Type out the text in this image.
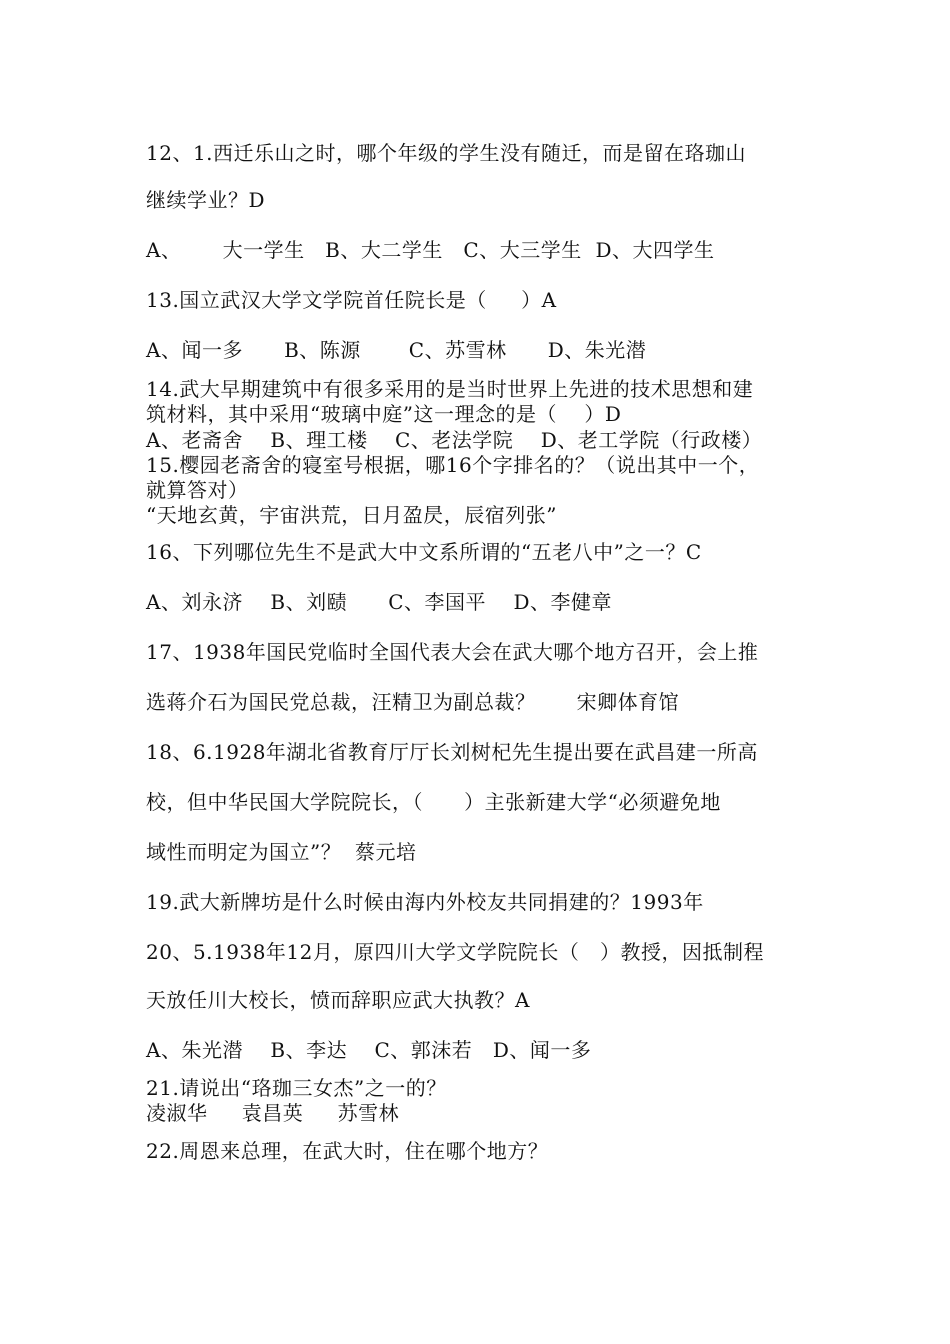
12、1.西迁乐山之时，哪个年级的学生没有随迁，而是留在珞珈山
继续学业？D
A、      大一学生   B、大二学生   C、大三学生  D、大四学生
13.国立武汉大学文学院首任院长是（     ）A
A、闻一多      B、陈源       C、苏雪林      D、朱光潜
14.武大早期建筑中有很多采用的是当时世界上先进的技术思想和建
筑材料，其中采用“玻璃中庭”这一理念的是（    ）D
A、老斋舍    B、理工楼    C、老法学院    D、老工学院（行政楼）
15.樱园老斋舍的寝室号根据，哪16个字排名的？（说出其中一个，
就算答对）
“天地玄黄，宇宙洪荒，日月盈昃，辰宿列张”
16、下列哪位先生不是武大中文系所谓的“五老八中”之一？C
A、刘永济    B、刘赜      C、李国平    D、李健章
17、1938年国民党临时全国代表大会在武大哪个地方召开，会上推
选蒋介石为国民党总裁，汪精卫为副总裁？      宋卿体育馆
18、6.1928年湖北省教育厅厅长刘树杞先生提出要在武昌建一所高
校，但中华民国大学院院长，（      ）主张新建大学“必须避免地
域性而明定为国立”？  蔡元培
19.武大新牌坊是什么时候由海内外校友共同捐建的？1993年
20、5.1938年12月，原四川大学文学院院长（   ）教授，因抵制程
天放任川大校长，愤而辞职应武大执教？A
A、朱光潜    B、李达    C、郭沫若   D、闻一多
21.请说出“珞珈三女杰”之一的？
凌淑华     袁昌英     苏雪林
22.周恩来总理，在武大时，住在哪个地方？
